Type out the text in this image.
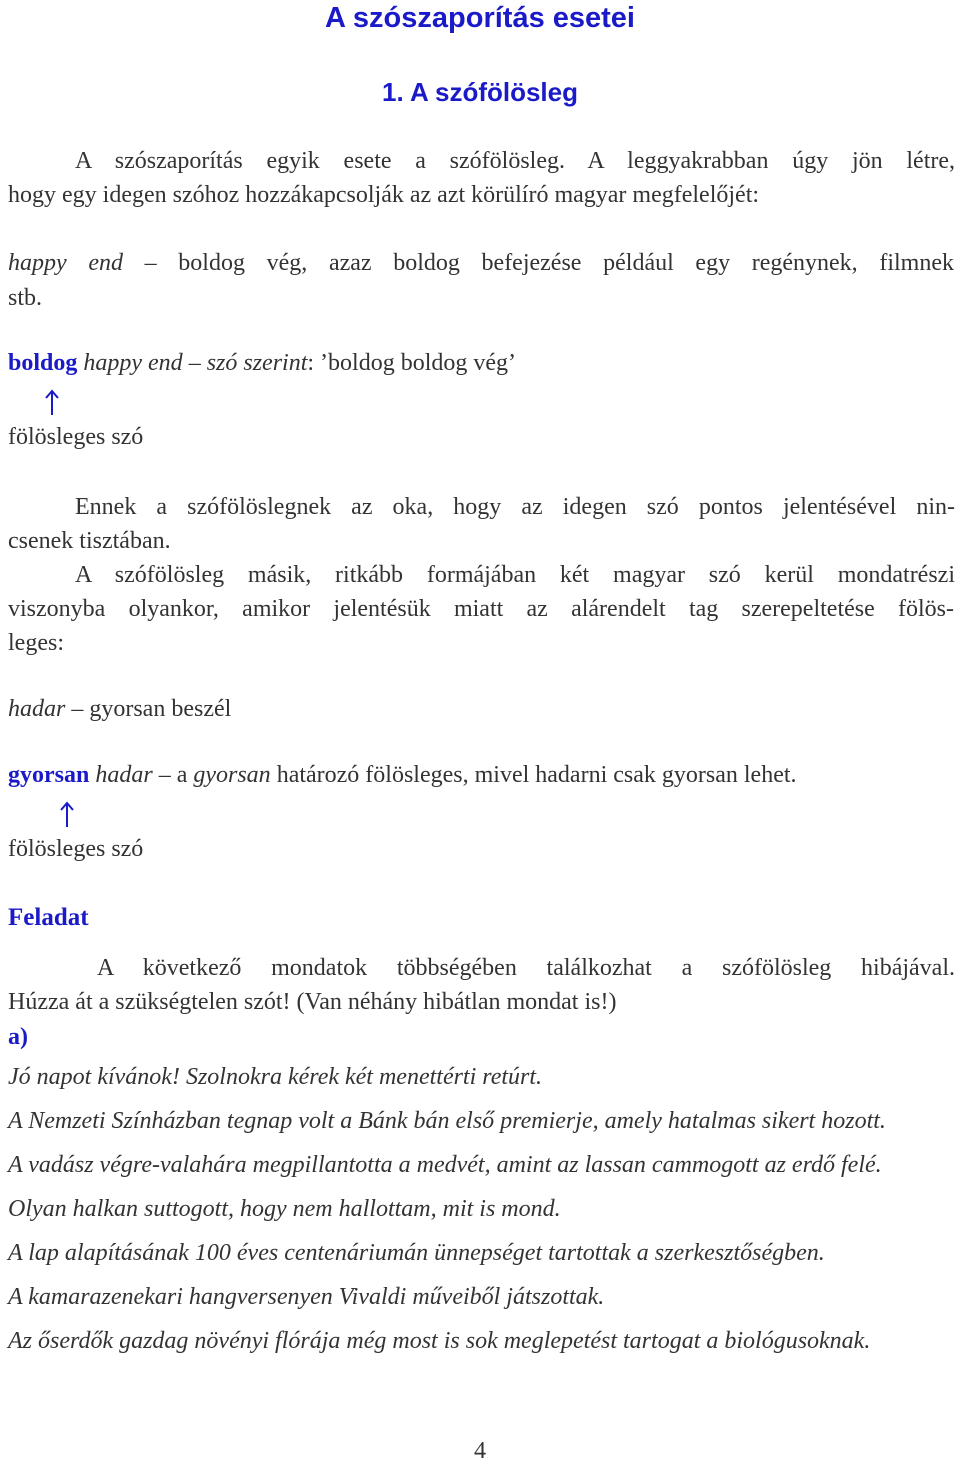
A szószaporítás esetei
1. A szófölösleg
A szószaporítás egyik esete a szófölösleg. A leggyakrabban úgy jön létre,
hogy egy idegen szóhoz hozzákapcsolják az azt körülíró magyar megfelelőjét:
happy end – boldog vég, azaz boldog befejezése például egy regénynek, filmnek
stb.
boldog happy end – szó szerint: ’boldog boldog vég’
fölösleges szó
Ennek a szófölöslegnek az oka, hogy az idegen szó pontos jelentésével nin-
csenek tisztában.
A szófölösleg másik, ritkább formájában két magyar szó kerül mondatrészi
viszonyba olyankor, amikor jelentésük miatt az alárendelt tag szerepeltetése fölös-
leges:
hadar – gyorsan beszél
gyorsan hadar – a gyorsan határozó fölösleges, mivel hadarni csak gyorsan lehet.
fölösleges szó
Feladat
A következő mondatok többségében találkozhat a szófölösleg hibájával.
Húzza át a szükségtelen szót! (Van néhány hibátlan mondat is!)
a)
Jó napot kívánok! Szolnokra kérek két menettérti retúrt.
A Nemzeti Színházban tegnap volt a Bánk bán első premierje, amely hatalmas sikert hozott.
A vadász végre-valahára megpillantotta a medvét, amint az lassan cammogott az erdő felé.
Olyan halkan suttogott, hogy nem hallottam, mit is mond.
A lap alapításának 100 éves centenáriumán ünnepséget tartottak a szerkesztőségben.
A kamarazenekari hangversenyen Vivaldi műveiből játszottak.
Az őserdők gazdag növényi flórája még most is sok meglepetést tartogat a biológusoknak.
4
